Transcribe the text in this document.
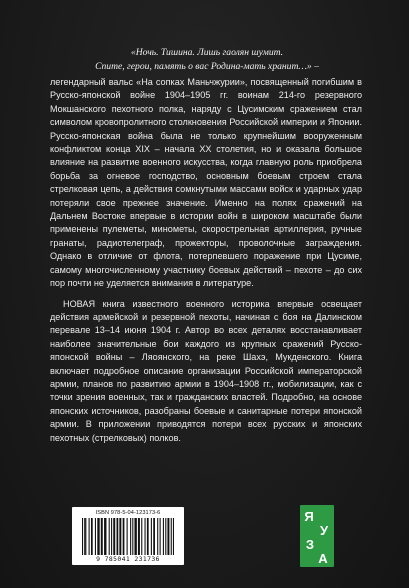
«Ночь. Тишина. Лишь гаолян шумит.
Спите, герои, память о вас Родина-мать хранит…» –

легендарный вальс «На сопках Маньчжурии», посвященный погибшим в Русско-японской войне 1904–1905 гг. воинам 214-го резервного Мокшанского пехотного полка, наряду с Цусимским сражением стал символом кровопролитного столкновения Российской империи и Японии. Русско-японская война была не только крупнейшим вооруженным конфликтом конца XIX – начала XX столетия, но и оказала большое влияние на развитие военного искусства, когда главную роль приобрела борьба за огневое господство, основным боевым строем стала стрелковая цепь, а действия сомкнутыми массами войск и ударных удар потеряли свое прежнее значение. Именно на полях сражений на Дальнем Востоке впервые в истории войн в широком масштабе были применены пулеметы, минометы, скорострельная артиллерия, ручные гранаты, радиотелеграф, прожекторы, проволочные заграждения. Однако в отличие от флота, потерпевшего поражение при Цусиме, самому многочисленному участнику боевых действий – пехоте – до сих пор почти не уделяется внимания в литературе.

НОВАЯ книга известного военного историка впервые освещает действия армейской и резервной пехоты, начиная с боя на Далинском перевале 13–14 июня 1904 г. Автор во всех деталях восстанавливает наиболее значительные бои каждого из крупных сражений Русско-японской войны – Ляоянского, на реке Шахэ, Мукденского. Книга включает подробное описание организации Российской императорской армии, планов по развитию армии в 1904–1908 гг., мобилизации, как с точки зрения военных, так и гражданских властей. Подробно, на основе японских источников, разобраны боевые и санитарные потери японской армии. В приложении приводятся потери всех русских и японских пехотных (стрелковых) полков.

ISBN 978-5-04-123173-6
9 785041 231736
Я
У
З
А
